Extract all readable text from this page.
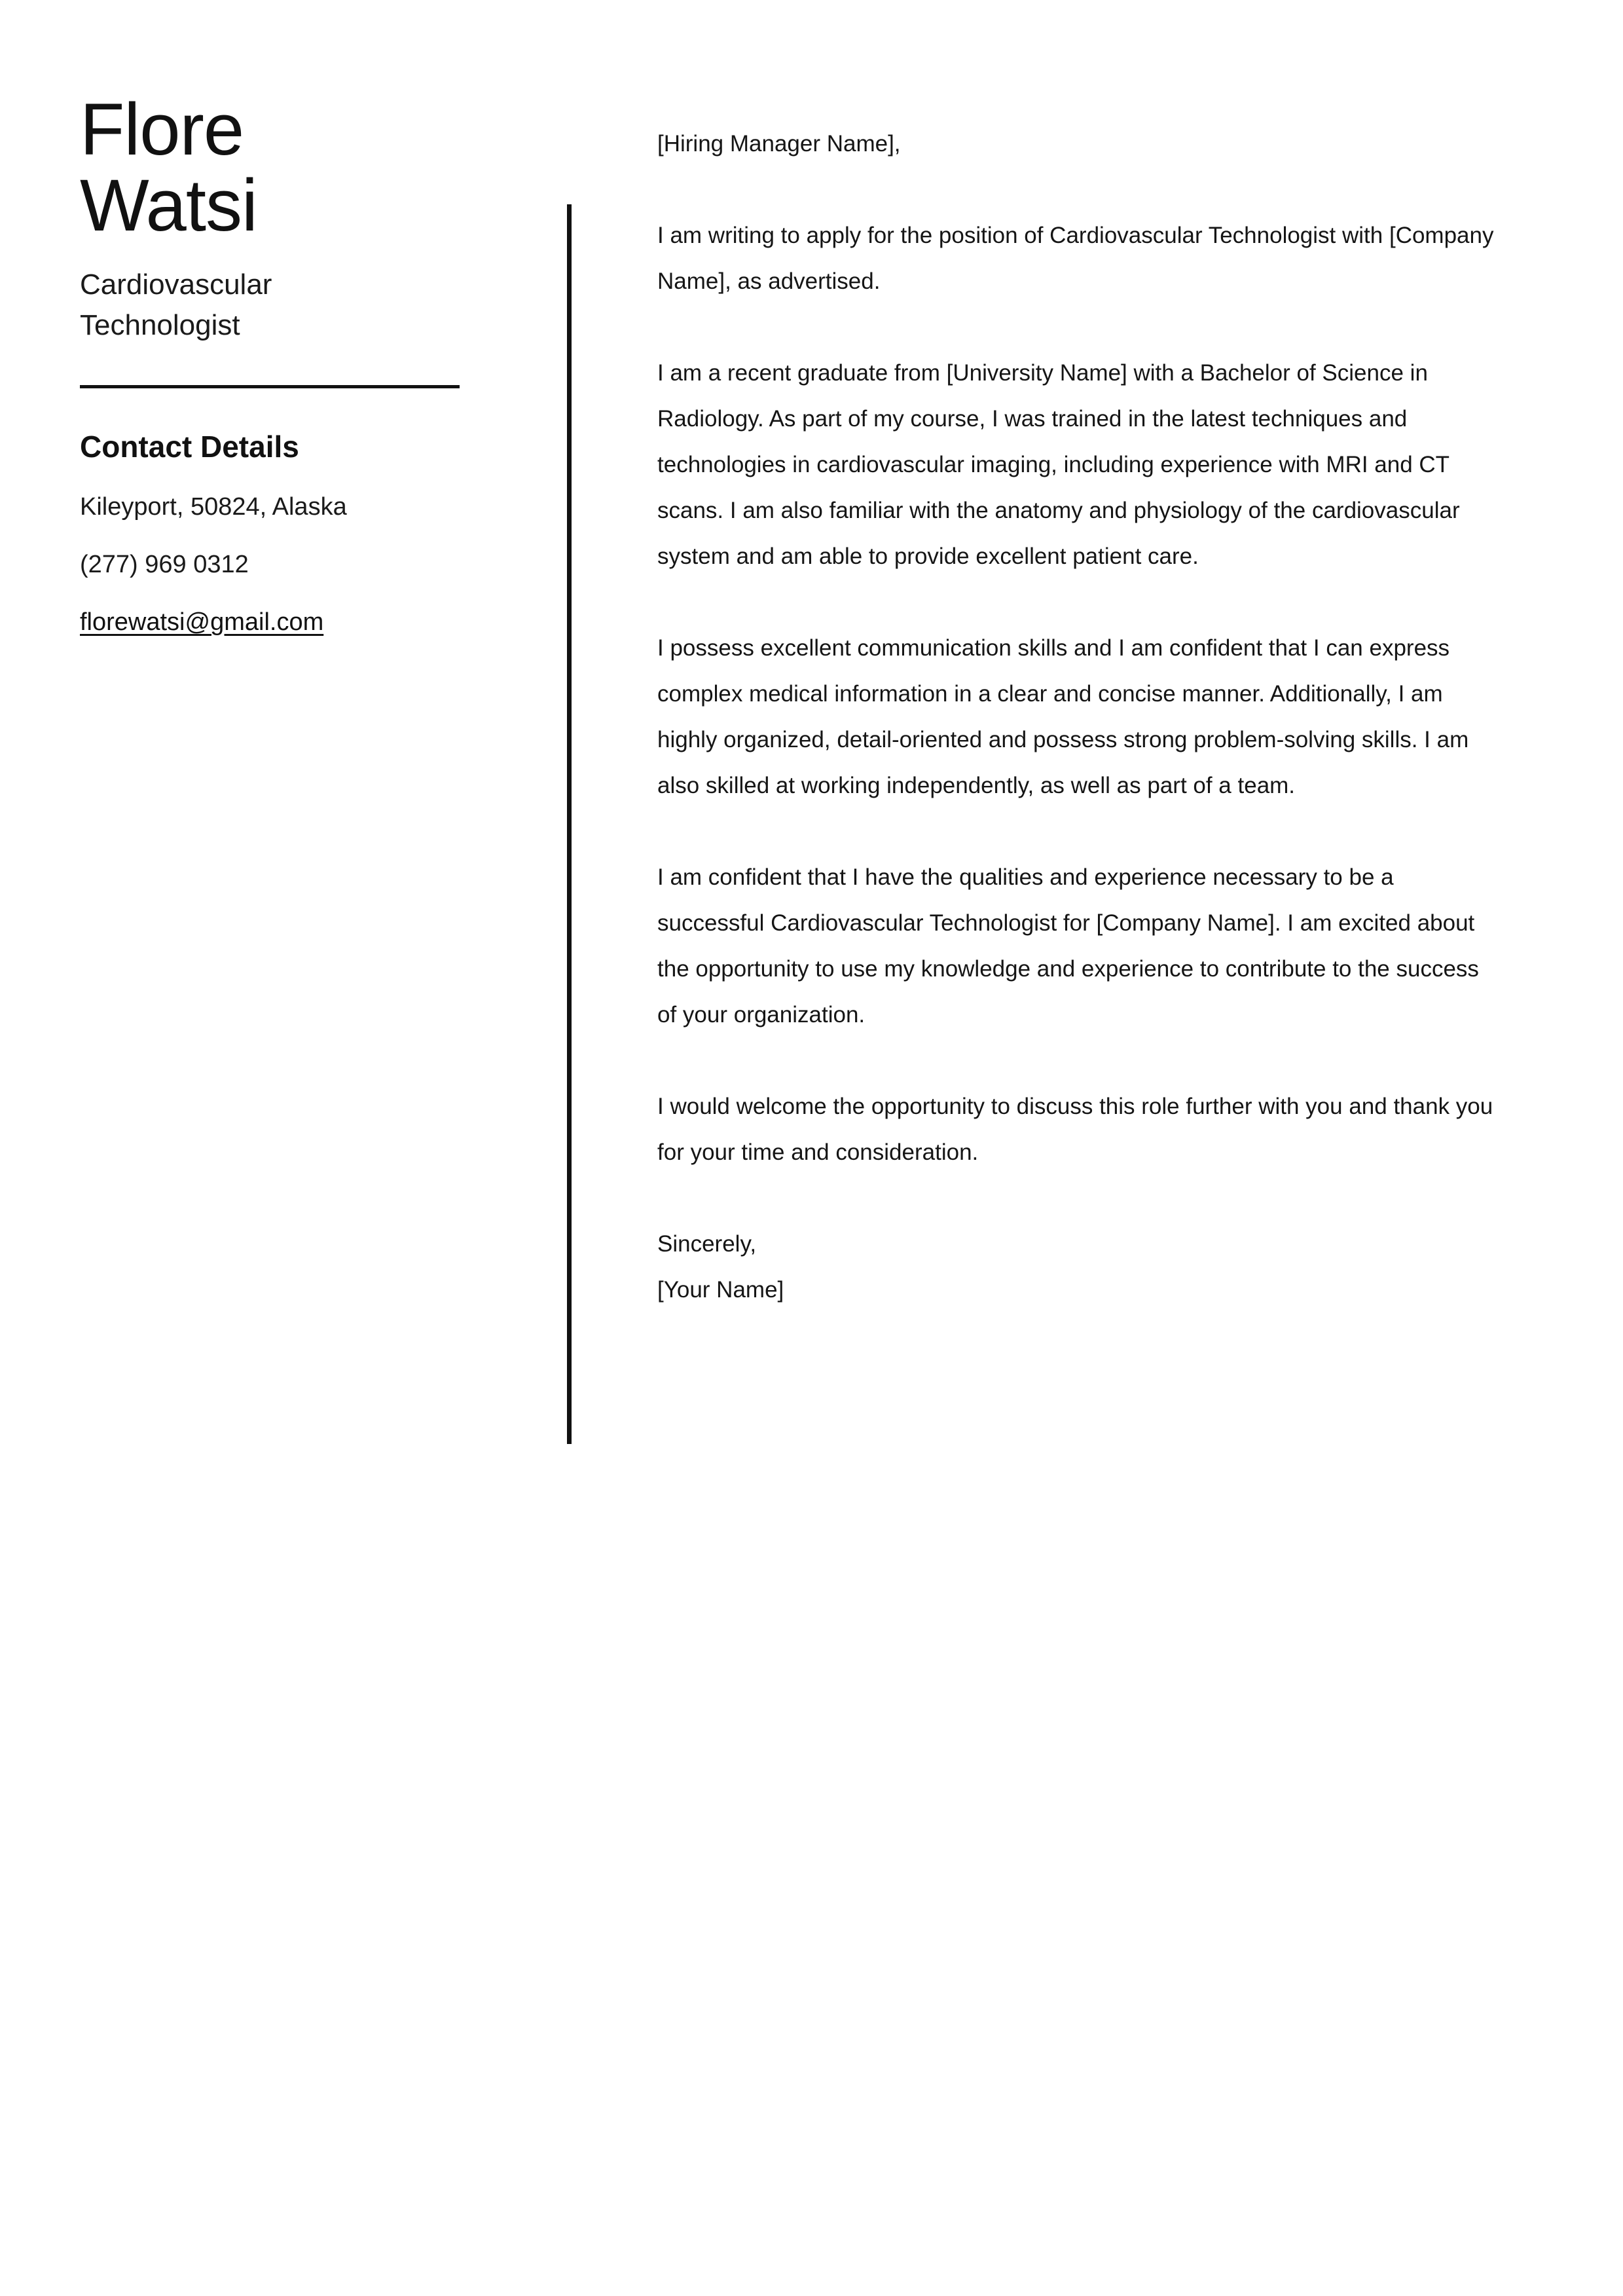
Flore
Watsi
Cardiovascular Technologist
Contact Details
Kileyport, 50824, Alaska
(277) 969 0312
florewatsi@gmail.com

[Hiring Manager Name],

I am writing to apply for the position of Cardiovascular Technologist with [Company Name], as advertised.

I am a recent graduate from [University Name] with a Bachelor of Science in Radiology. As part of my course, I was trained in the latest techniques and technologies in cardiovascular imaging, including experience with MRI and CT scans. I am also familiar with the anatomy and physiology of the cardiovascular system and am able to provide excellent patient care.

I possess excellent communication skills and I am confident that I can express complex medical information in a clear and concise manner. Additionally, I am highly organized, detail-oriented and possess strong problem-solving skills. I am also skilled at working independently, as well as part of a team.

I am confident that I have the qualities and experience necessary to be a successful Cardiovascular Technologist for [Company Name]. I am excited about the opportunity to use my knowledge and experience to contribute to the success of your organization.

I would welcome the opportunity to discuss this role further with you and thank you for your time and consideration.

Sincerely,

[Your Name]
